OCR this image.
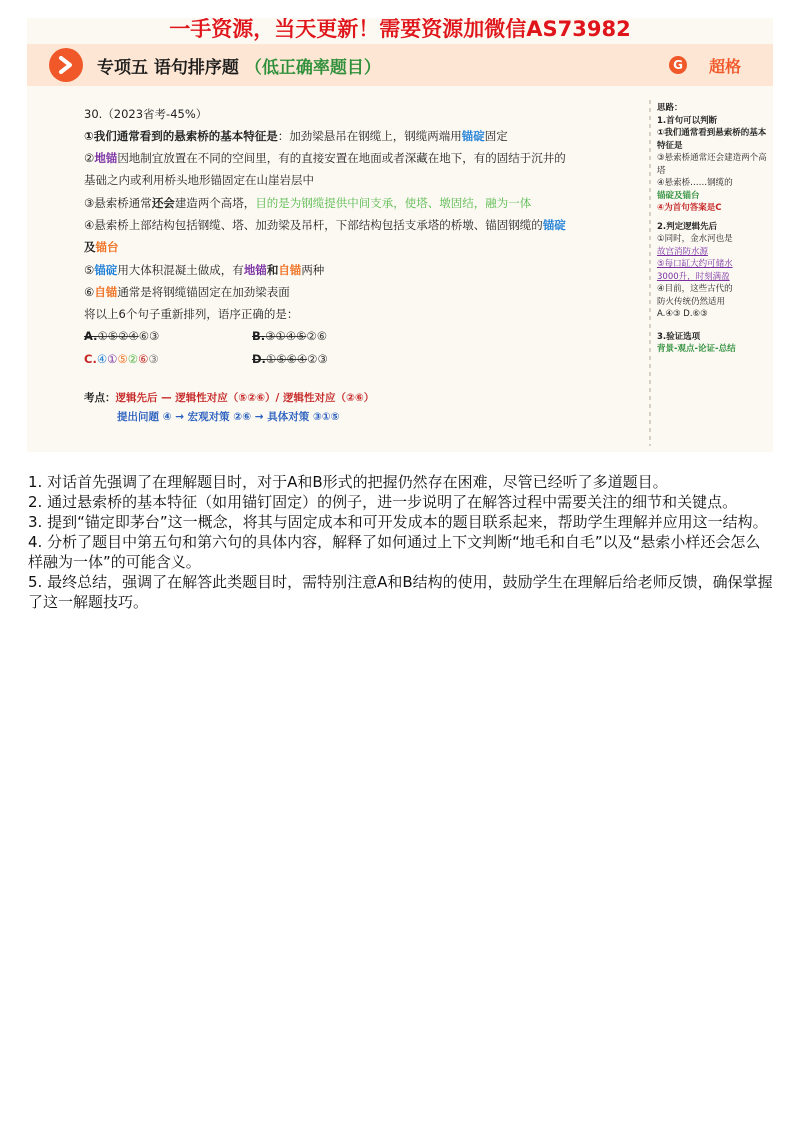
一手资源，当天更新！需要资源加微信AS73982
专项五 语句排序题 （低正确率题目）	G 超格
30.（2023省考-45%）
①我们通常看到的悬索桥的基本特征是：加劲梁悬吊在钢缆上，钢缆两端用锚碇固定
②地锚因地制宜放置在不同的空间里，有的直接安置在地面或者深藏在地下，有的固结于沉井的
基础之内或利用桥头地形锚固定在山崖岩层中
③悬索桥通常还会建造两个高塔，目的是为钢缆提供中间支承，使塔、墩固结，融为一体
④悬索桥上部结构包括钢缆、塔、加劲梁及吊杆，下部结构包括支承塔的桥墩、锚固钢缆的锚碇
及锚台
⑤锚碇用大体积混凝土做成，有地锚和自锚两种
⑥自锚通常是将钢缆锚固定在加劲梁表面
将以上6个句子重新排列，语序正确的是：
A.①⑤②④⑥③	B.③①④⑤②⑥
C.④①⑤②⑥③	D.①⑤⑥④②③
考点：逻辑先后 — 逻辑性对应（⑤②⑥）/ 逻辑性对应（②⑥）
提出问题 ④ → 宏观对策 ②⑥ → 具体对策 ③①⑤
思路：
1.首句可以判断
①我们通常看到悬索桥的基本特征是
③悬索桥通常还会建造两个高塔
④悬索桥……钢缆的
锚碇及锚台
④为首句答案是C
2.判定逻辑先后
①同时，金水河也是
故宫消防水源
⑤每口缸大约可储水
3000升，时刻满盈
④目前，这些古代的
防火传统仍然适用
A.④③ D.⑥③
3.验证选项
背景-观点-论证-总结

1. 对话首先强调了在理解题目时，对于A和B形式的把握仍然存在困难，尽管已经听了多道题目。

2. 通过悬索桥的基本特征（如用锚钉固定）的例子，进一步说明了在解答过程中需要关注的细节和关键点。

3. 提到“锚定即茅台”这一概念，将其与固定成本和可开发成本的题目联系起来，帮助学生理解并应用这一结构。

4. 分析了题目中第五句和第六句的具体内容，解释了如何通过上下文判断“地毛和自毛”以及“悬索小样还会怎么样融为一体”的可能含义。

5. 最终总结，强调了在解答此类题目时，需特别注意A和B结构的使用，鼓励学生在理解后给老师反馈，确保掌握了这一解题技巧。
